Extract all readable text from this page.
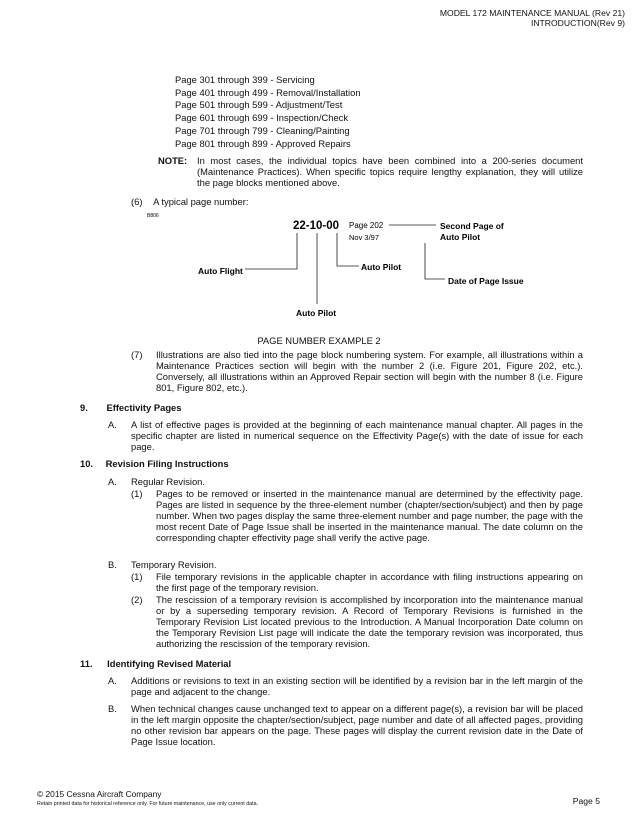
MODEL 172 MAINTENANCE MANUAL (Rev 21)
INTRODUCTION(Rev 9)
Page 301 through 399 - Servicing
Page 401 through 499 - Removal/Installation
Page 501 through 599 - Adjustment/Test
Page 601 through 699 - Inspection/Check
Page 701 through 799 - Cleaning/Painting
Page 801 through 899 - Approved Repairs
NOTE:	In most cases, the individual topics have been combined into a 200-series document (Maintenance Practices). When specific topics require lengthy explanation, they will utilize the page blocks mentioned above.
(6) A typical page number:
B806
22-10-00 Page 202
Nov 3/97
Second Page of
Auto Pilot
Auto Flight	Auto Pilot
Date of Page Issue
Auto Pilot
PAGE NUMBER EXAMPLE 2
(7)	Illustrations are also tied into the page block numbering system. For example, all illustrations within a Maintenance Practices section will begin with the number 2 (i.e. Figure 201, Figure 202, etc.). Conversely, all illustrations within an Approved Repair section will begin with the number 8 (i.e. Figure 801, Figure 802, etc.).
9. Effectivity Pages
A.	A list of effective pages is provided at the beginning of each maintenance manual chapter. All pages in the specific chapter are listed in numerical sequence on the Effectivity Page(s) with the date of issue for each page.
10. Revision Filing Instructions
A.	Regular Revision.
(1)	Pages to be removed or inserted in the maintenance manual are determined by the effectivity page. Pages are listed in sequence by the three-element number (chapter/section/subject) and then by page number. When two pages display the same three-element number and page number, the page with the most recent Date of Page Issue shall be inserted in the maintenance manual. The date column on the corresponding chapter effectivity page shall verify the active page.
B.	Temporary Revision.
(1)	File temporary revisions in the applicable chapter in accordance with filing instructions appearing on the first page of the temporary revision.
(2)	The rescission of a temporary revision is accomplished by incorporation into the maintenance manual or by a superseding temporary revision. A Record of Temporary Revisions is furnished in the Temporary Revision List located previous to the Introduction. A Manual Incorporation Date column on the Temporary Revision List page will indicate the date the temporary revision was incorporated, thus authorizing the rescission of the temporary revision.
11. Identifying Revised Material
A.	Additions or revisions to text in an existing section will be identified by a revision bar in the left margin of the page and adjacent to the change.
B.	When technical changes cause unchanged text to appear on a different page(s), a revision bar will be placed in the left margin opposite the chapter/section/subject, page number and date of all affected pages, providing no other revision bar appears on the page. These pages will display the current revision date in the Date of Page Issue location.
© 2015 Cessna Aircraft Company
Retain printed data for historical reference only. For future maintenance, use only current data.	Page 5
